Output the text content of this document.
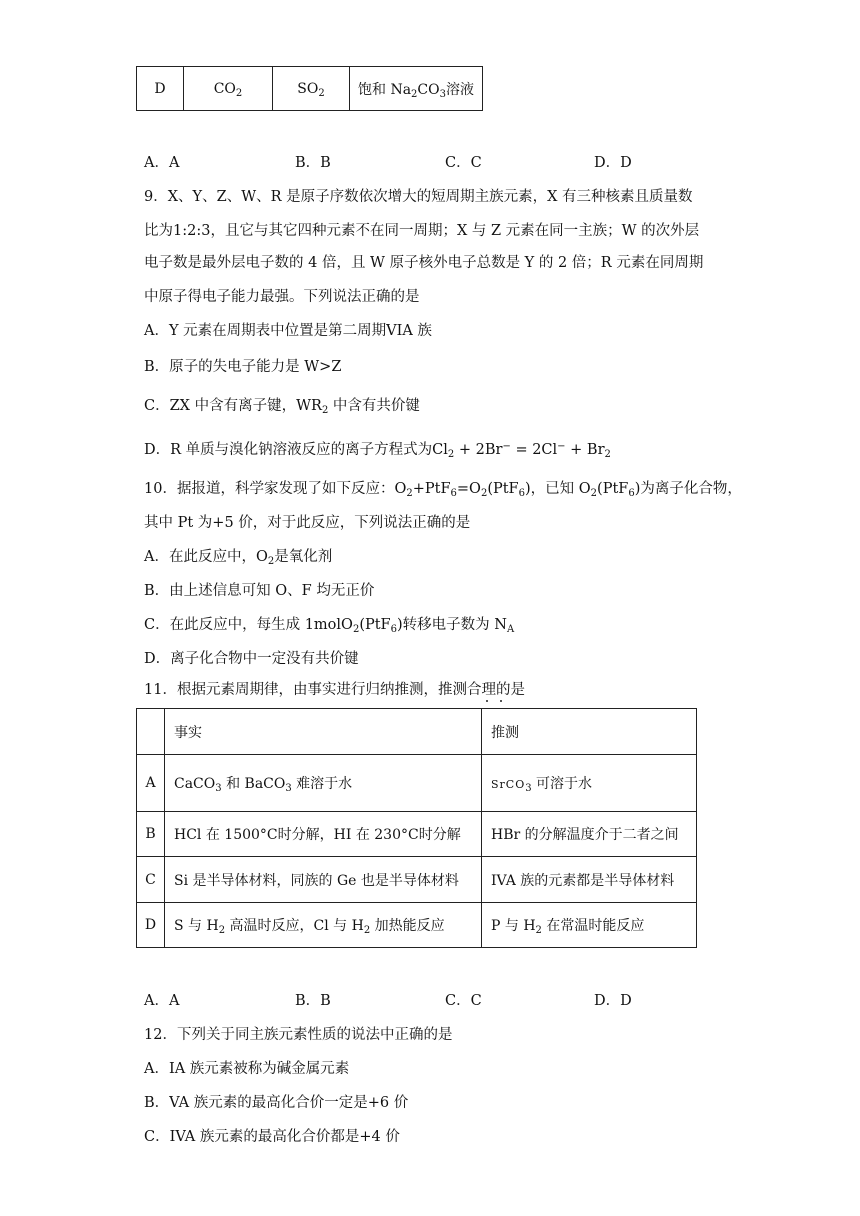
D	$CO_2$	$SO_2$	饱和 $Na_2CO_3$溶液
A．A	B．B	C．C	D．D
9．X、Y、Z、W、R 是原子序数依次增大的短周期主族元素，X 有三种核素且质量数
比为1:2:3，且它与其它四种元素不在同一周期；X 与 Z 元素在同一主族；W 的次外层
电子数是最外层电子数的 4 倍，且 W 原子核外电子总数是 Y 的 2 倍；R 元素在同周期
中原子得电子能力最强。下列说法正确的是
A．Y 元素在周期表中位置是第二周期VIA 族
B．原子的失电子能力是 W>Z
C．ZX 中含有离子键，$WR_2$ 中含有共价键
D．R 单质与溴化钠溶液反应的离子方程式为$Cl_2 + 2Br^- = 2Cl^- + Br_2$
10．据报道，科学家发现了如下反应：$O_2+PtF_6=O_2(PtF_6)$，已知 $O_2(PtF_6)$为离子化合物，
其中 Pt 为+5 价，对于此反应，下列说法正确的是
A．在此反应中，$O_2$是氧化剂
B．由上述信息可知 O、F 均无正价
C．在此反应中，每生成 1molO$_2$(PtF$_6$)转移电子数为 $N_A$
D．离子化合物中一定没有共价键
11．根据元素周期律，由事实进行归纳推测，推测合理的是
	事实	推测
A	CaCO$_3$ 和 BaCO$_3$ 难溶于水	SrCO$_3$ 可溶于水
B	HCl 在 1500°C时分解，HI 在 230°C时分解	HBr 的分解温度介于二者之间
C	Si 是半导体材料，同族的 Ge 也是半导体材料	IVA 族的元素都是半导体材料
D	S 与 $H_2$ 高温时反应，Cl 与 $H_2$ 加热能反应	P 与 $H_2$ 在常温时能反应
A．A	B．B	C．C	D．D
12．下列关于同主族元素性质的说法中正确的是
A．IA 族元素被称为碱金属元素
B．VA 族元素的最高化合价一定是+6 价
C．IVA 族元素的最高化合价都是+4 价
